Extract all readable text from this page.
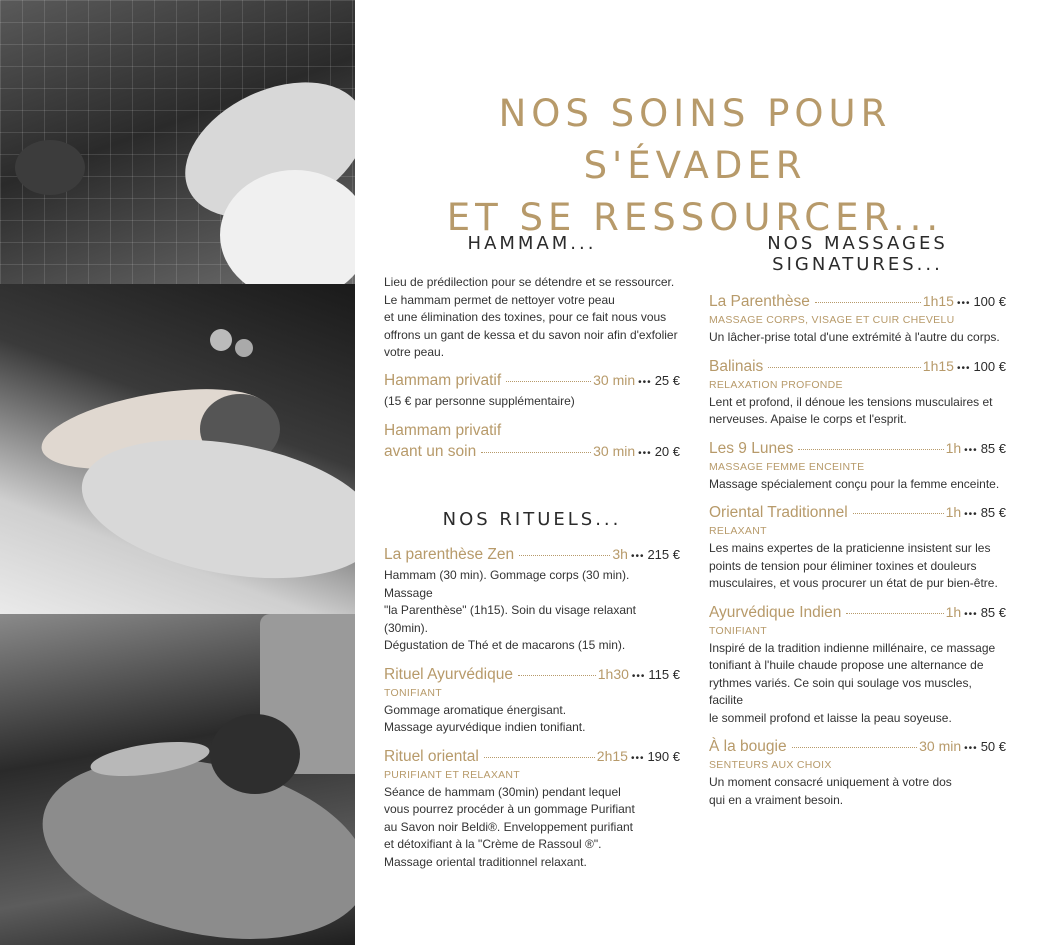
NOS SOINS POUR S'ÉVADER
ET SE RESSOURCER...
HAMMAM...
Lieu de prédilection pour se détendre et se ressourcer.
Le hammam permet de nettoyer votre peau
et une élimination des toxines, pour ce fait nous vous
offrons un gant de kessa et du savon noir afin d'exfolier
votre peau.
Hammam privatif	30 min ••• 25 €
(15 € par personne supplémentaire)
Hammam privatif
avant un soin	30 min ••• 20 €
NOS RITUELS...
La parenthèse Zen	3h ••• 215 €
Hammam (30 min). Gommage corps (30 min). Massage
"la Parenthèse" (1h15). Soin du visage relaxant (30min).
Dégustation de Thé et de macarons (15 min).
Rituel Ayurvédique	1h30 ••• 115 €
TONIFIANT
Gommage aromatique énergisant.
Massage ayurvédique indien tonifiant.
Rituel oriental	2h15 ••• 190 €
PURIFIANT ET RELAXANT
Séance de hammam (30min) pendant lequel
vous pourrez procéder à un gommage Purifiant
au Savon noir Beldi®. Enveloppement purifiant
et détoxifiant à la "Crème de Rassoul ®".
Massage oriental traditionnel relaxant.
NOS MASSAGES SIGNATURES...
La Parenthèse	1h15 ••• 100 €
MASSAGE CORPS, VISAGE ET CUIR CHEVELU
Un lâcher-prise total d'une extrémité à l'autre du corps.
Balinais	1h15 ••• 100 €
RELAXATION PROFONDE
Lent et profond, il dénoue les tensions musculaires et
nerveuses. Apaise le corps et l'esprit.
Les 9 Lunes	1h ••• 85 €
MASSAGE FEMME ENCEINTE
Massage spécialement conçu pour la femme enceinte.
Oriental Traditionnel	1h ••• 85 €
RELAXANT
Les mains expertes de la praticienne insistent sur les
points de tension pour éliminer toxines et douleurs
musculaires, et vous procurer un état de pur bien-être.
Ayurvédique Indien	1h ••• 85 €
TONIFIANT
Inspiré de la tradition indienne millénaire, ce massage
tonifiant à l'huile chaude propose une alternance de
rythmes variés. Ce soin qui soulage vos muscles, facilite
le sommeil profond et laisse la peau soyeuse.
À la bougie	30 min ••• 50 €
SENTEURS AUX CHOIX
Un moment consacré uniquement à votre dos
qui en a vraiment besoin.
